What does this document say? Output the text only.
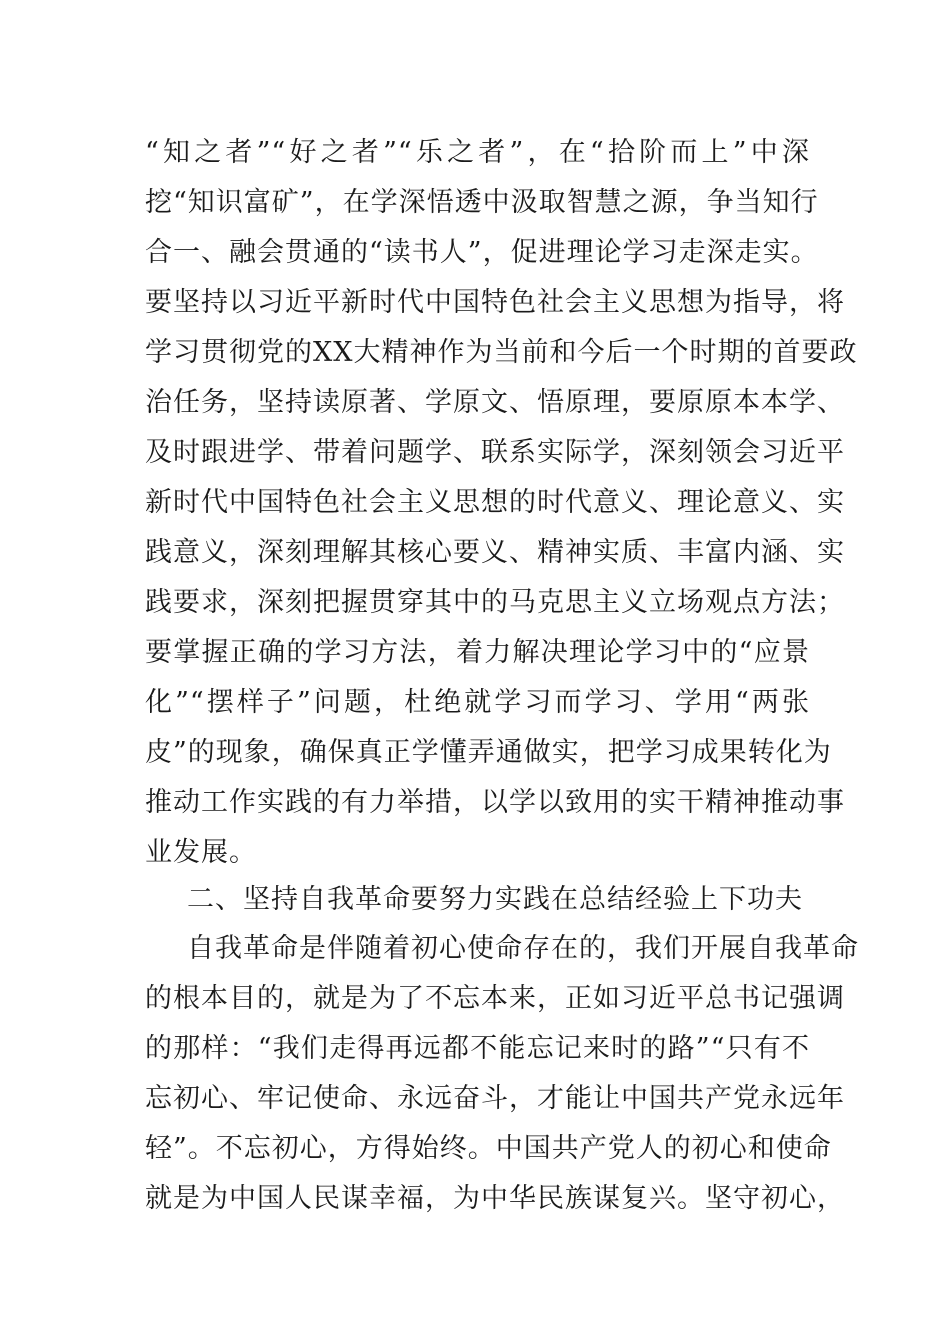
“知之者”“好之者”“乐之者”，在“拾阶而上”中深
挖“知识富矿”，在学深悟透中汲取智慧之源，争当知行
合一、融会贯通的“读书人”，促进理论学习走深走实。
要坚持以习近平新时代中国特色社会主义思想为指导，将
学习贯彻党的XX大精神作为当前和今后一个时期的首要政
治任务，坚持读原著、学原文、悟原理，要原原本本学、
及时跟进学、带着问题学、联系实际学，深刻领会习近平
新时代中国特色社会主义思想的时代意义、理论意义、实
践意义，深刻理解其核心要义、精神实质、丰富内涵、实
践要求，深刻把握贯穿其中的马克思主义立场观点方法；
要掌握正确的学习方法，着力解决理论学习中的“应景
化”“摆样子”问题，杜绝就学习而学习、学用“两张
皮”的现象，确保真正学懂弄通做实，把学习成果转化为
推动工作实践的有力举措，以学以致用的实干精神推动事
业发展。
二、坚持自我革命要努力实践在总结经验上下功夫
自我革命是伴随着初心使命存在的，我们开展自我革命
的根本目的，就是为了不忘本来，正如习近平总书记强调
的那样：“我们走得再远都不能忘记来时的路”“只有不
忘初心、牢记使命、永远奋斗，才能让中国共产党永远年
轻”。不忘初心，方得始终。中国共产党人的初心和使命
就是为中国人民谋幸福，为中华民族谋复兴。坚守初心，
